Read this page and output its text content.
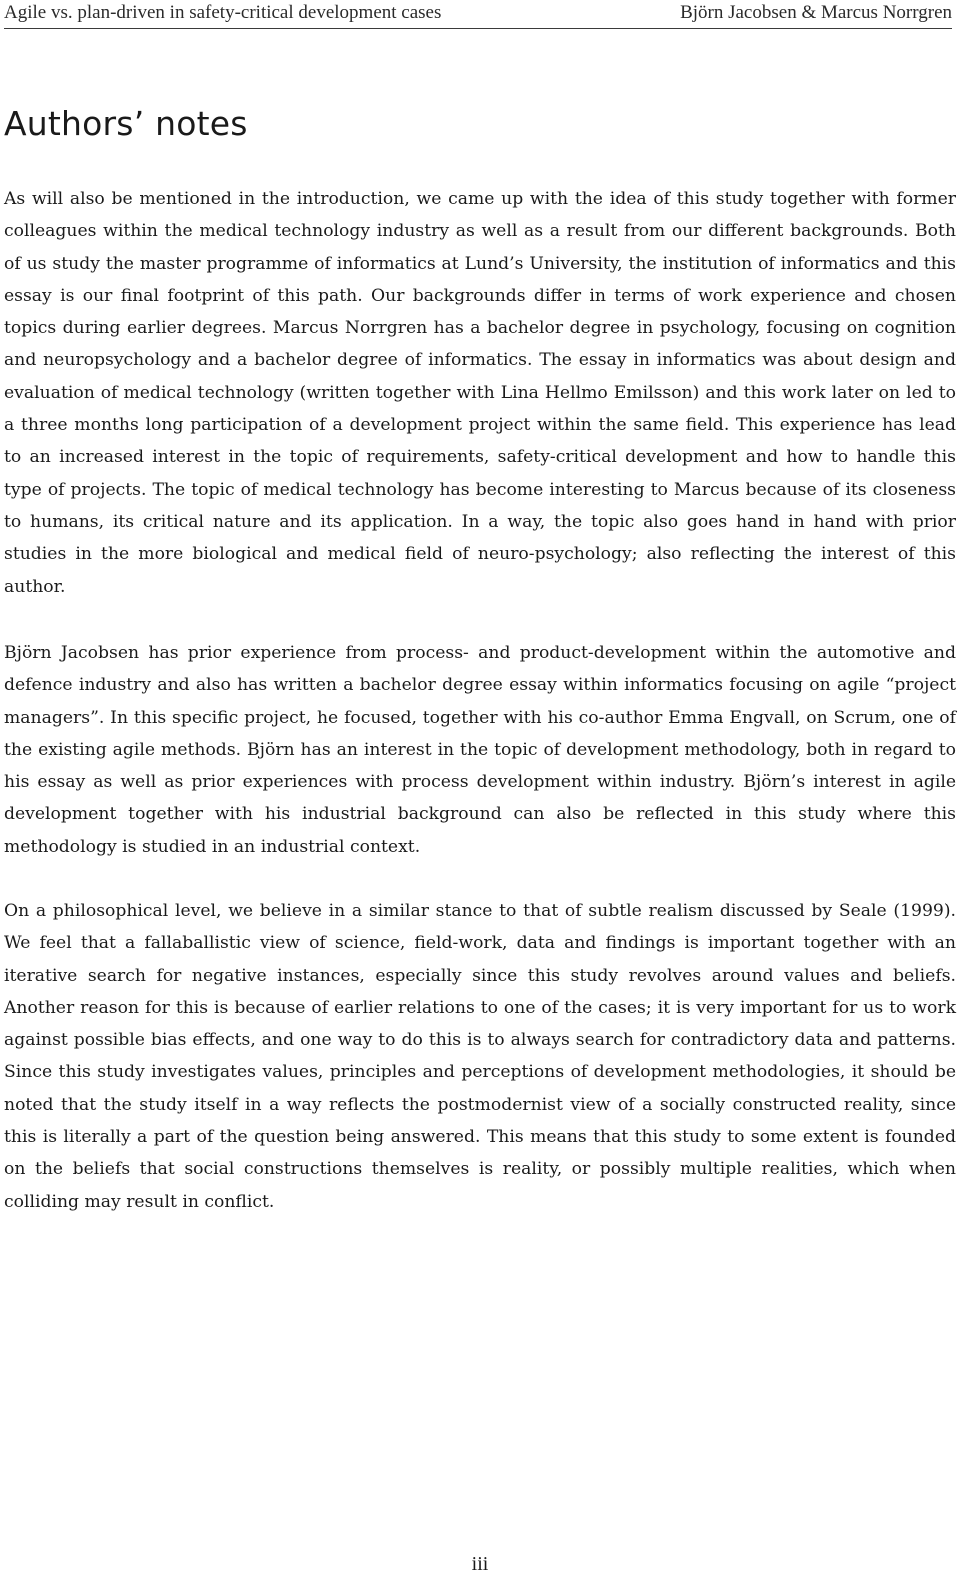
Agile vs. plan-driven in safety-critical development cases	Björn Jacobsen & Marcus Norrgren
Authors’ notes

As will also be mentioned in the introduction, we came up with the idea of this study together with former colleagues within the medical technology industry as well as a result from our different backgrounds. Both of us study the master programme of informatics at Lund’s University, the institution of informatics and this essay is our final footprint of this path. Our backgrounds differ in terms of work experience and chosen topics during earlier degrees. Marcus Norrgren has a bachelor degree in psychology, focusing on cognition and neuropsychology and a bachelor degree of informatics. The essay in informatics was about design and evaluation of medical technology (written together with Lina Hellmo Emilsson) and this work later on led to a three months long participation of a development project within the same field. This experience has lead to an increased interest in the topic of requirements, safety-critical development and how to handle this type of projects. The topic of medical technology has become interesting to Marcus because of its closeness to humans, its critical nature and its application. In a way, the topic also goes hand in hand with prior studies in the more biological and medical field of neuro-psychology; also reflecting the interest of this author.

Björn Jacobsen has prior experience from process- and product-development within the automotive and defence industry and also has written a bachelor degree essay within informatics focusing on agile “project managers”. In this specific project, he focused, together with his co-author Emma Engvall, on Scrum, one of the existing agile methods. Björn has an interest in the topic of development methodology, both in regard to his essay as well as prior experiences with process development within industry. Björn’s interest in agile development together with his industrial background can also be reflected in this study where this methodology is studied in an industrial context.

On a philosophical level, we believe in a similar stance to that of subtle realism discussed by Seale (1999). We feel that a fallaballistic view of science, field-work, data and findings is important together with an iterative search for negative instances, especially since this study revolves around values and beliefs. Another reason for this is because of earlier relations to one of the cases; it is very important for us to work against possible bias effects, and one way to do this is to always search for contradictory data and patterns. Since this study investigates values, principles and perceptions of development methodologies, it should be noted that the study itself in a way reflects the postmodernist view of a socially constructed reality, since this is literally a part of the question being answered. This means that this study to some extent is founded on the beliefs that social constructions themselves is reality, or possibly multiple realities, which when colliding may result in conflict.

iii
